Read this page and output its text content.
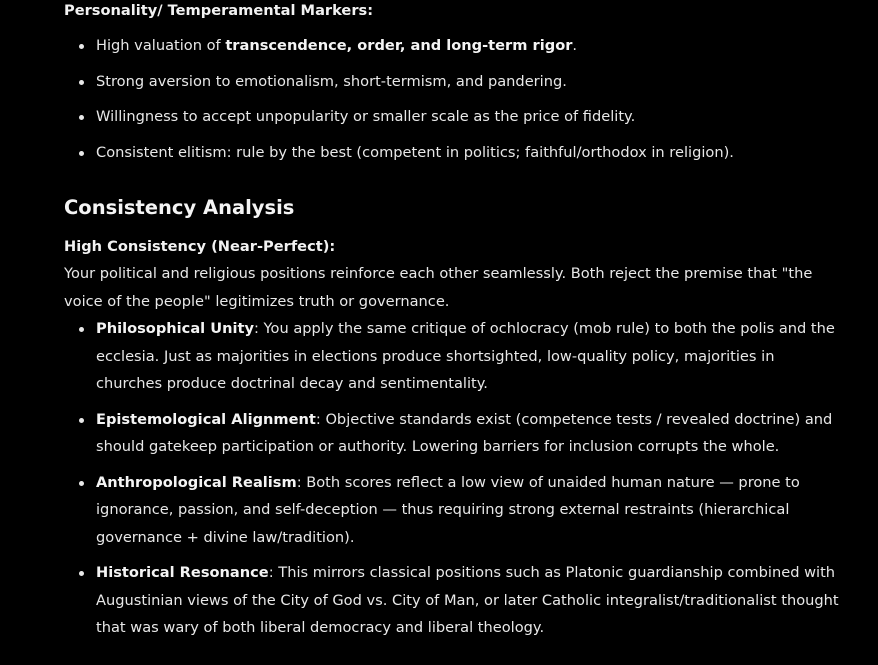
Personality/ Temperamental Markers:

High valuation of transcendence, order, and long-term rigor.
Strong aversion to emotionalism, short-termism, and pandering.
Willingness to accept unpopularity or smaller scale as the price of fidelity.
Consistent elitism: rule by the best (competent in politics; faithful/orthodox in religion).
Consistency Analysis

High Consistency (Near-Perfect):

Your political and religious positions reinforce each other seamlessly. Both reject the premise that "the voice of the people" legitimizes truth or governance.

Philosophical Unity: You apply the same critique of ochlocracy (mob rule) to both the polis and the ecclesia. Just as majorities in elections produce shortsighted, low-quality policy, majorities in churches produce doctrinal decay and sentimentality.
Epistemological Alignment: Objective standards exist (competence tests / revealed doctrine) and should gatekeep participation or authority. Lowering barriers for inclusion corrupts the whole.
Anthropological Realism: Both scores reflect a low view of unaided human nature — prone to ignorance, passion, and self-deception — thus requiring strong external restraints (hierarchical governance + divine law/tradition).
Historical Resonance: This mirrors classical positions such as Platonic guardianship combined with Augustinian views of the City of God vs. City of Man, or later Catholic integralist/traditionalist thought that was wary of both liberal democracy and liberal theology.
